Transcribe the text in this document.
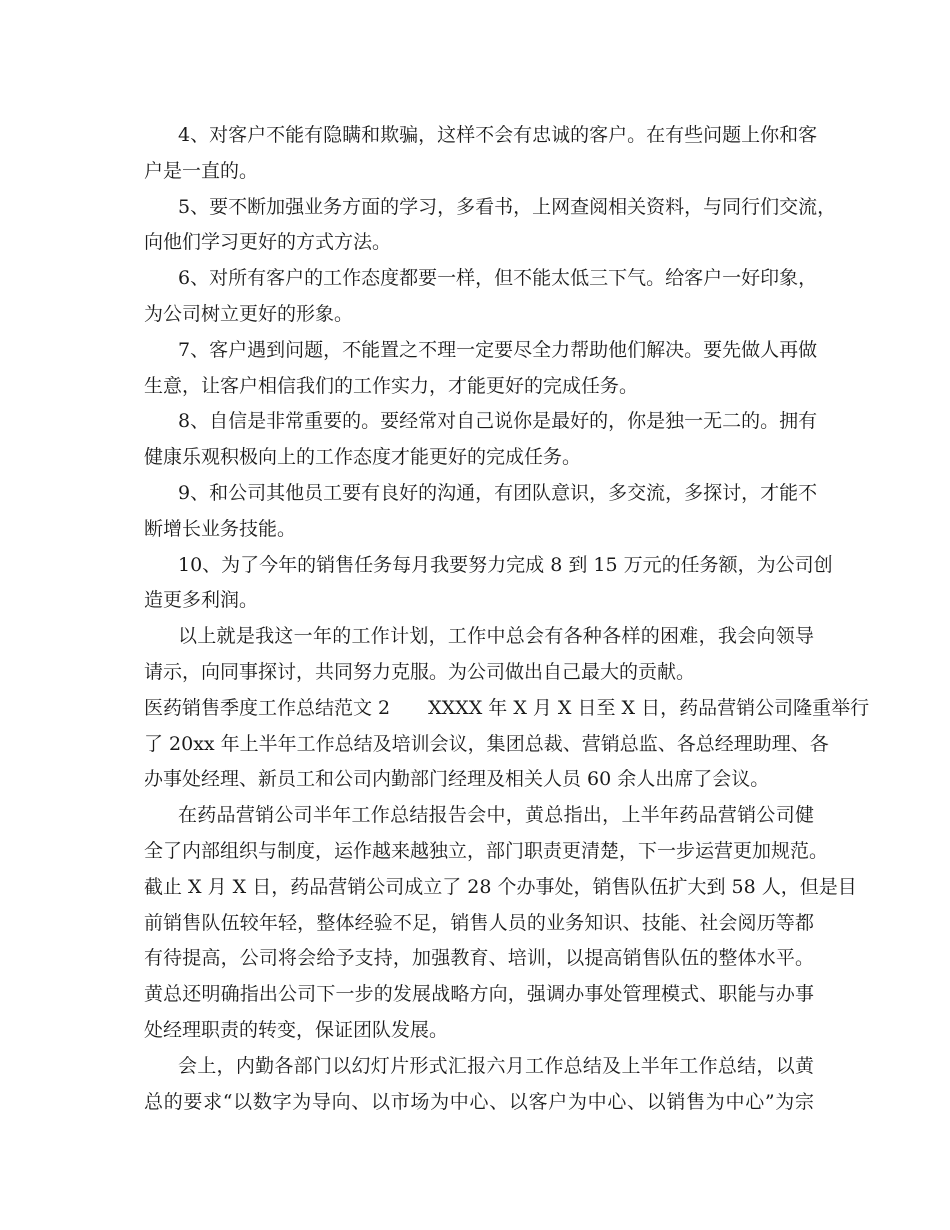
4、对客户不能有隐瞒和欺骗，这样不会有忠诚的客户。在有些问题上你和客
户是一直的。
5、要不断加强业务方面的学习，多看书，上网查阅相关资料，与同行们交流，
向他们学习更好的方式方法。
6、对所有客户的工作态度都要一样，但不能太低三下气。给客户一好印象，
为公司树立更好的形象。
7、客户遇到问题，不能置之不理一定要尽全力帮助他们解决。要先做人再做
生意，让客户相信我们的工作实力，才能更好的完成任务。
8、自信是非常重要的。要经常对自己说你是最好的，你是独一无二的。拥有
健康乐观积极向上的工作态度才能更好的完成任务。
9、和公司其他员工要有良好的沟通，有团队意识，多交流，多探讨，才能不
断增长业务技能。
10、为了今年的销售任务每月我要努力完成 8 到 15 万元的任务额，为公司创
造更多利润。
以上就是我这一年的工作计划，工作中总会有各种各样的困难，我会向领导
请示，向同事探讨，共同努力克服。为公司做出自己最大的贡献。
医药销售季度工作总结范文 2　　XXXX 年 X 月 X 日至 X 日，药品营销公司隆重举行
了 20xx 年上半年工作总结及培训会议，集团总裁、营销总监、各总经理助理、各
办事处经理、新员工和公司内勤部门经理及相关人员 60 余人出席了会议。
在药品营销公司半年工作总结报告会中，黄总指出，上半年药品营销公司健
全了内部组织与制度，运作越来越独立，部门职责更清楚，下一步运营更加规范。
截止 X 月 X 日，药品营销公司成立了 28 个办事处，销售队伍扩大到 58 人，但是目
前销售队伍较年轻，整体经验不足，销售人员的业务知识、技能、社会阅历等都
有待提高，公司将会给予支持，加强教育、培训，以提高销售队伍的整体水平。
黄总还明确指出公司下一步的发展战略方向，强调办事处管理模式、职能与办事
处经理职责的转变，保证团队发展。
会上，内勤各部门以幻灯片形式汇报六月工作总结及上半年工作总结，以黄
总的要求“以数字为导向、以市场为中心、以客户为中心、以销售为中心”为宗
